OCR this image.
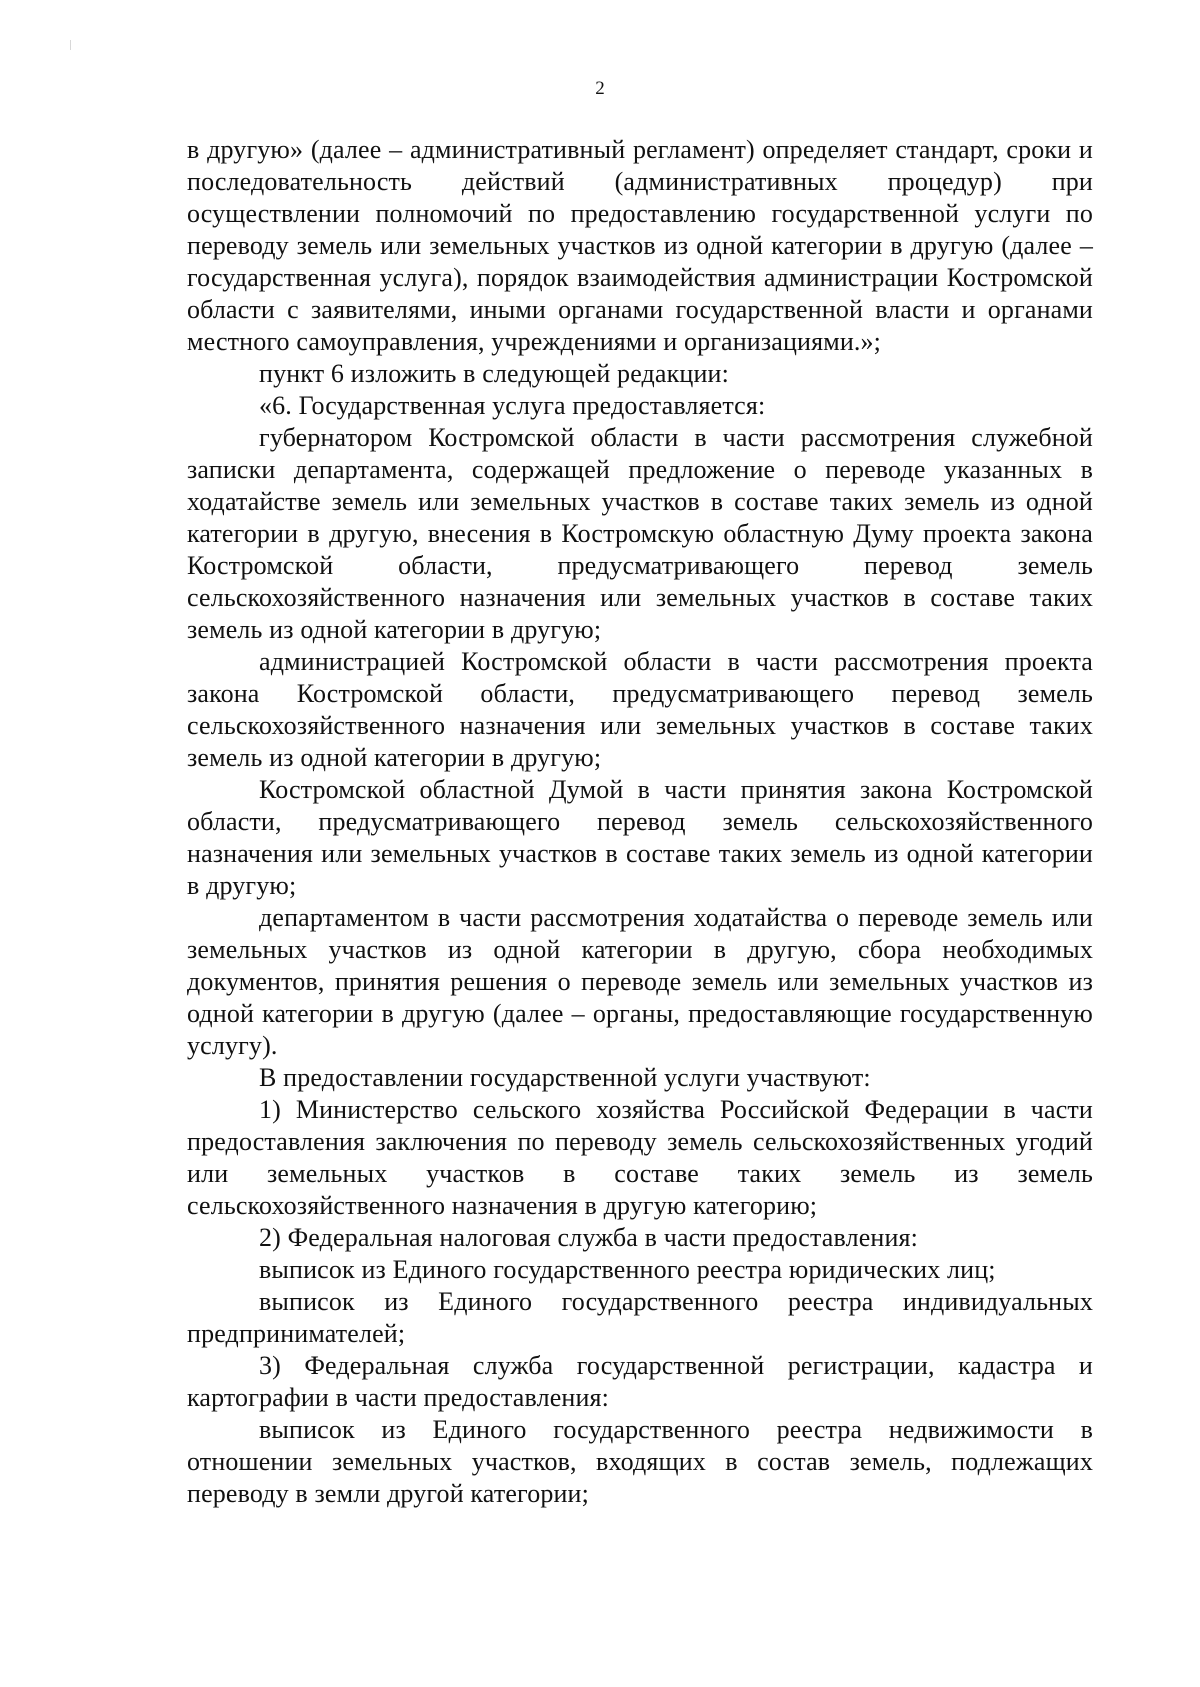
2

в другую» (далее – административный регламент) определяет стандарт, сроки и последовательность действий (административных процедур) при осуществлении полномочий по предоставлению государственной услуги по переводу земель или земельных участков из одной категории в другую (далее – государственная услуга), порядок взаимодействия администрации Костромской области с заявителями, иными органами государственной власти и органами местного самоуправления, учреждениями и организациями.»;

пункт 6 изложить в следующей редакции:

«6. Государственная услуга предоставляется:

губернатором Костромской области в части рассмотрения служебной записки департамента, содержащей предложение о переводе указанных в ходатайстве земель или земельных участков в составе таких земель из одной категории в другую, внесения в Костромскую областную Думу проекта закона Костромской области, предусматривающего перевод земель сельскохозяйственного назначения или земельных участков в составе таких земель из одной категории в другую;

администрацией Костромской области в части рассмотрения проекта закона Костромской области, предусматривающего перевод земель сельскохозяйственного назначения или земельных участков в составе таких земель из одной категории в другую;

Костромской областной Думой в части принятия закона Костромской области, предусматривающего перевод земель сельскохозяйственного назначения или земельных участков в составе таких земель из одной категории в другую;

департаментом в части рассмотрения ходатайства о переводе земель или земельных участков из одной категории в другую, сбора необходимых документов, принятия решения о переводе земель или земельных участков из одной категории в другую (далее – органы, предоставляющие государственную услугу).

В предоставлении государственной услуги участвуют:

1) Министерство сельского хозяйства Российской Федерации в части предоставления заключения по переводу земель сельскохозяйственных угодий или земельных участков в составе таких земель из земель сельскохозяйственного назначения в другую категорию;

2) Федеральная налоговая служба в части предоставления:

выписок из Единого государственного реестра юридических лиц;

выписок из Единого государственного реестра индивидуальных предпринимателей;

3) Федеральная служба государственной регистрации, кадастра и картографии в части предоставления:

выписок из Единого государственного реестра недвижимости в отношении земельных участков, входящих в состав земель, подлежащих переводу в земли другой категории;
